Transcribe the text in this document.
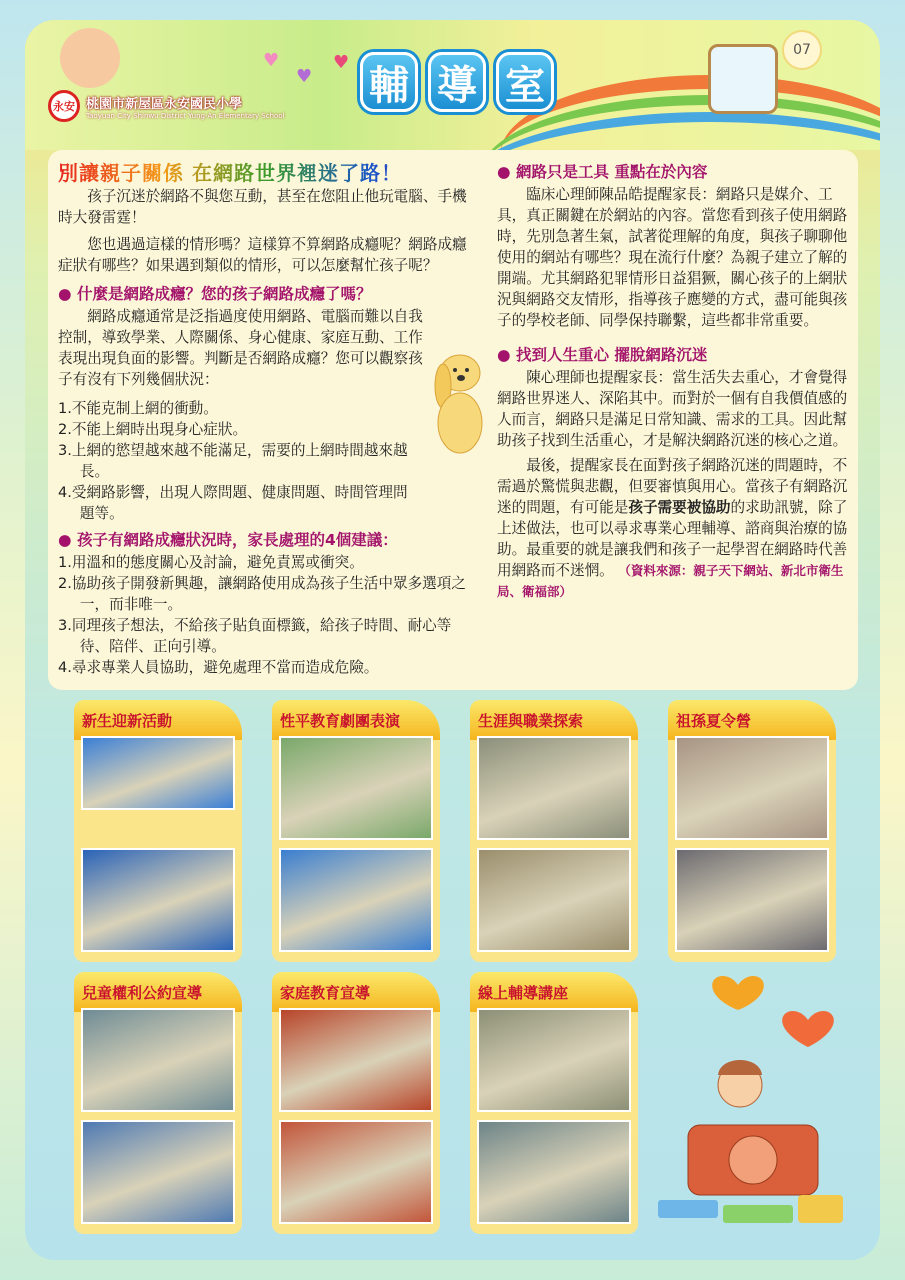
♥
♥
♥ 輔 導 室
永安 桃園市新屋區永安國民小學
Taoyuan City Shinwu District Yung-An Elementary School
07
別讓親子關係 在網路世界裡迷了路！

孩子沉迷於網路不與您互動，甚至在您阻止他玩電腦、手機時大發雷霆！

您也遇過這樣的情形嗎？這樣算不算網路成癮呢？網路成癮症狀有哪些？如果遇到類似的情形，可以怎麼幫忙孩子呢？

● 什麼是網路成癮？您的孩子網路成癮了嗎？

網路成癮通常是泛指過度使用網路、電腦而難以自我控制，導致學業、人際關係、身心健康、家庭互動、工作表現出現負面的影響。判斷是否網路成癮？您可以觀察孩子有沒有下列幾個狀況：

1.不能克制上網的衝動。
2.不能上網時出現身心症狀。
3.上網的慾望越來越不能滿足，需要的上網時間越來越長。
4.受網路影響，出現人際問題、健康問題、時間管理問題等。
● 孩子有網路成癮狀況時，家長處理的4個建議：
1.用溫和的態度關心及討論，避免責罵或衝突。
2.協助孩子開發新興趣，讓網路使用成為孩子生活中眾多選項之一，而非唯一。
3.同理孩子想法，不給孩子貼負面標籤，給孩子時間、耐心等待、陪伴、正向引導。
4.尋求專業人員協助，避免處理不當而造成危險。
● 網路只是工具 重點在於內容

臨床心理師陳品皓提醒家長：網路只是媒介、工具，真正關鍵在於網站的內容。當您看到孩子使用網路時，先別急著生氣，試著從理解的角度，與孩子聊聊他使用的網站有哪些？現在流行什麼？為親子建立了解的開端。尤其網路犯罪情形日益猖獗，關心孩子的上網狀況與網路交友情形，指導孩子應變的方式，盡可能與孩子的學校老師、同學保持聯繫，這些都非常重要。

● 找到人生重心 擺脫網路沉迷

陳心理師也提醒家長：當生活失去重心，才會覺得網路世界迷人、深陷其中。而對於一個有自我價值感的人而言，網路只是滿足日常知識、需求的工具。因此幫助孩子找到生活重心，才是解決網路沉迷的核心之道。

最後，提醒家長在面對孩子網路沉迷的問題時，不需過於驚慌與悲觀，但要審慎與用心。當孩子有網路沉迷的問題，有可能是孩子需要被協助的求助訊號，除了上述做法，也可以尋求專業心理輔導、諮商與治療的協助。最重要的就是讓我們和孩子一起學習在網路時代善用網路而不迷惘。 （資料來源：親子天下網站、新北市衛生局、衛福部）

新生迎新活動	性平教育劇團表演	生涯與職業探索	祖孫夏令營
兒童權利公約宣導	家庭教育宣導	線上輔導講座
